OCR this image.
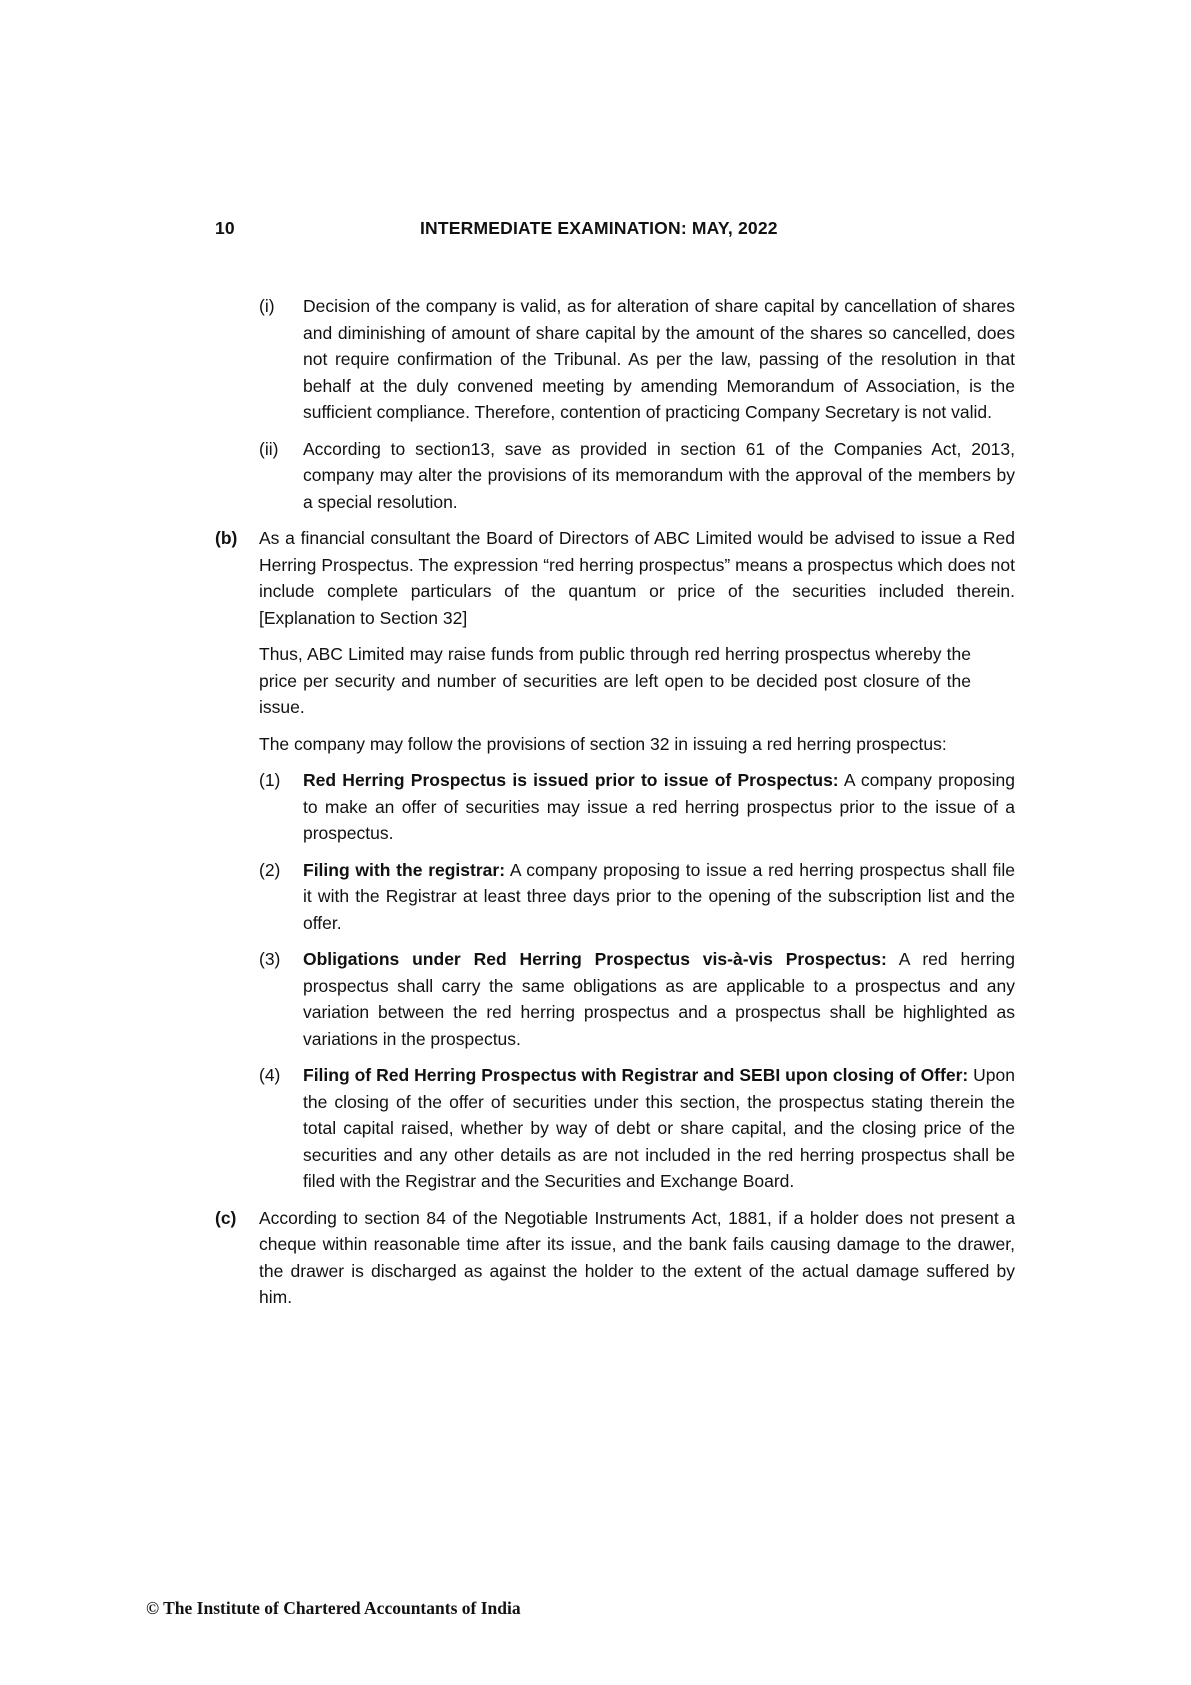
10	INTERMEDIATE EXAMINATION: MAY, 2022
(i)	Decision of the company is valid, as for alteration of share capital by cancellation of shares and diminishing of amount of share capital by the amount of the shares so cancelled, does not require confirmation of the Tribunal. As per the law, passing of the resolution in that behalf at the duly convened meeting by amending Memorandum of Association, is the sufficient compliance. Therefore, contention of practicing Company Secretary is not valid.
(ii)	According to section13, save as provided in section 61 of the Companies Act, 2013, company may alter the provisions of its memorandum with the approval of the members by a special resolution.
(b) As a financial consultant the Board of Directors of ABC Limited would be advised to issue a Red Herring Prospectus. The expression “red herring prospectus” means a prospectus which does not include complete particulars of the quantum or price of the securities included therein. [Explanation to Section 32]
Thus, ABC Limited may raise funds from public through red herring prospectus whereby the price per security and number of securities are left open to be decided post closure of the issue.
The company may follow the provisions of section 32 in issuing a red herring prospectus:
(1)	Red Herring Prospectus is issued prior to issue of Prospectus: A company proposing to make an offer of securities may issue a red herring prospectus prior to the issue of a prospectus.
(2)	Filing with the registrar: A company proposing to issue a red herring prospectus shall file it with the Registrar at least three days prior to the opening of the subscription list and the offer.
(3)	Obligations under Red Herring Prospectus vis-à-vis Prospectus: A red herring prospectus shall carry the same obligations as are applicable to a prospectus and any variation between the red herring prospectus and a prospectus shall be highlighted as variations in the prospectus.
(4)	Filing of Red Herring Prospectus with Registrar and SEBI upon closing of Offer: Upon the closing of the offer of securities under this section, the prospectus stating therein the total capital raised, whether by way of debt or share capital, and the closing price of the securities and any other details as are not included in the red herring prospectus shall be filed with the Registrar and the Securities and Exchange Board.
(c) According to section 84 of the Negotiable Instruments Act, 1881, if a holder does not present a cheque within reasonable time after its issue, and the bank fails causing damage to the drawer, the drawer is discharged as against the holder to the extent of the actual damage suffered by him.
© The Institute of Chartered Accountants of India
